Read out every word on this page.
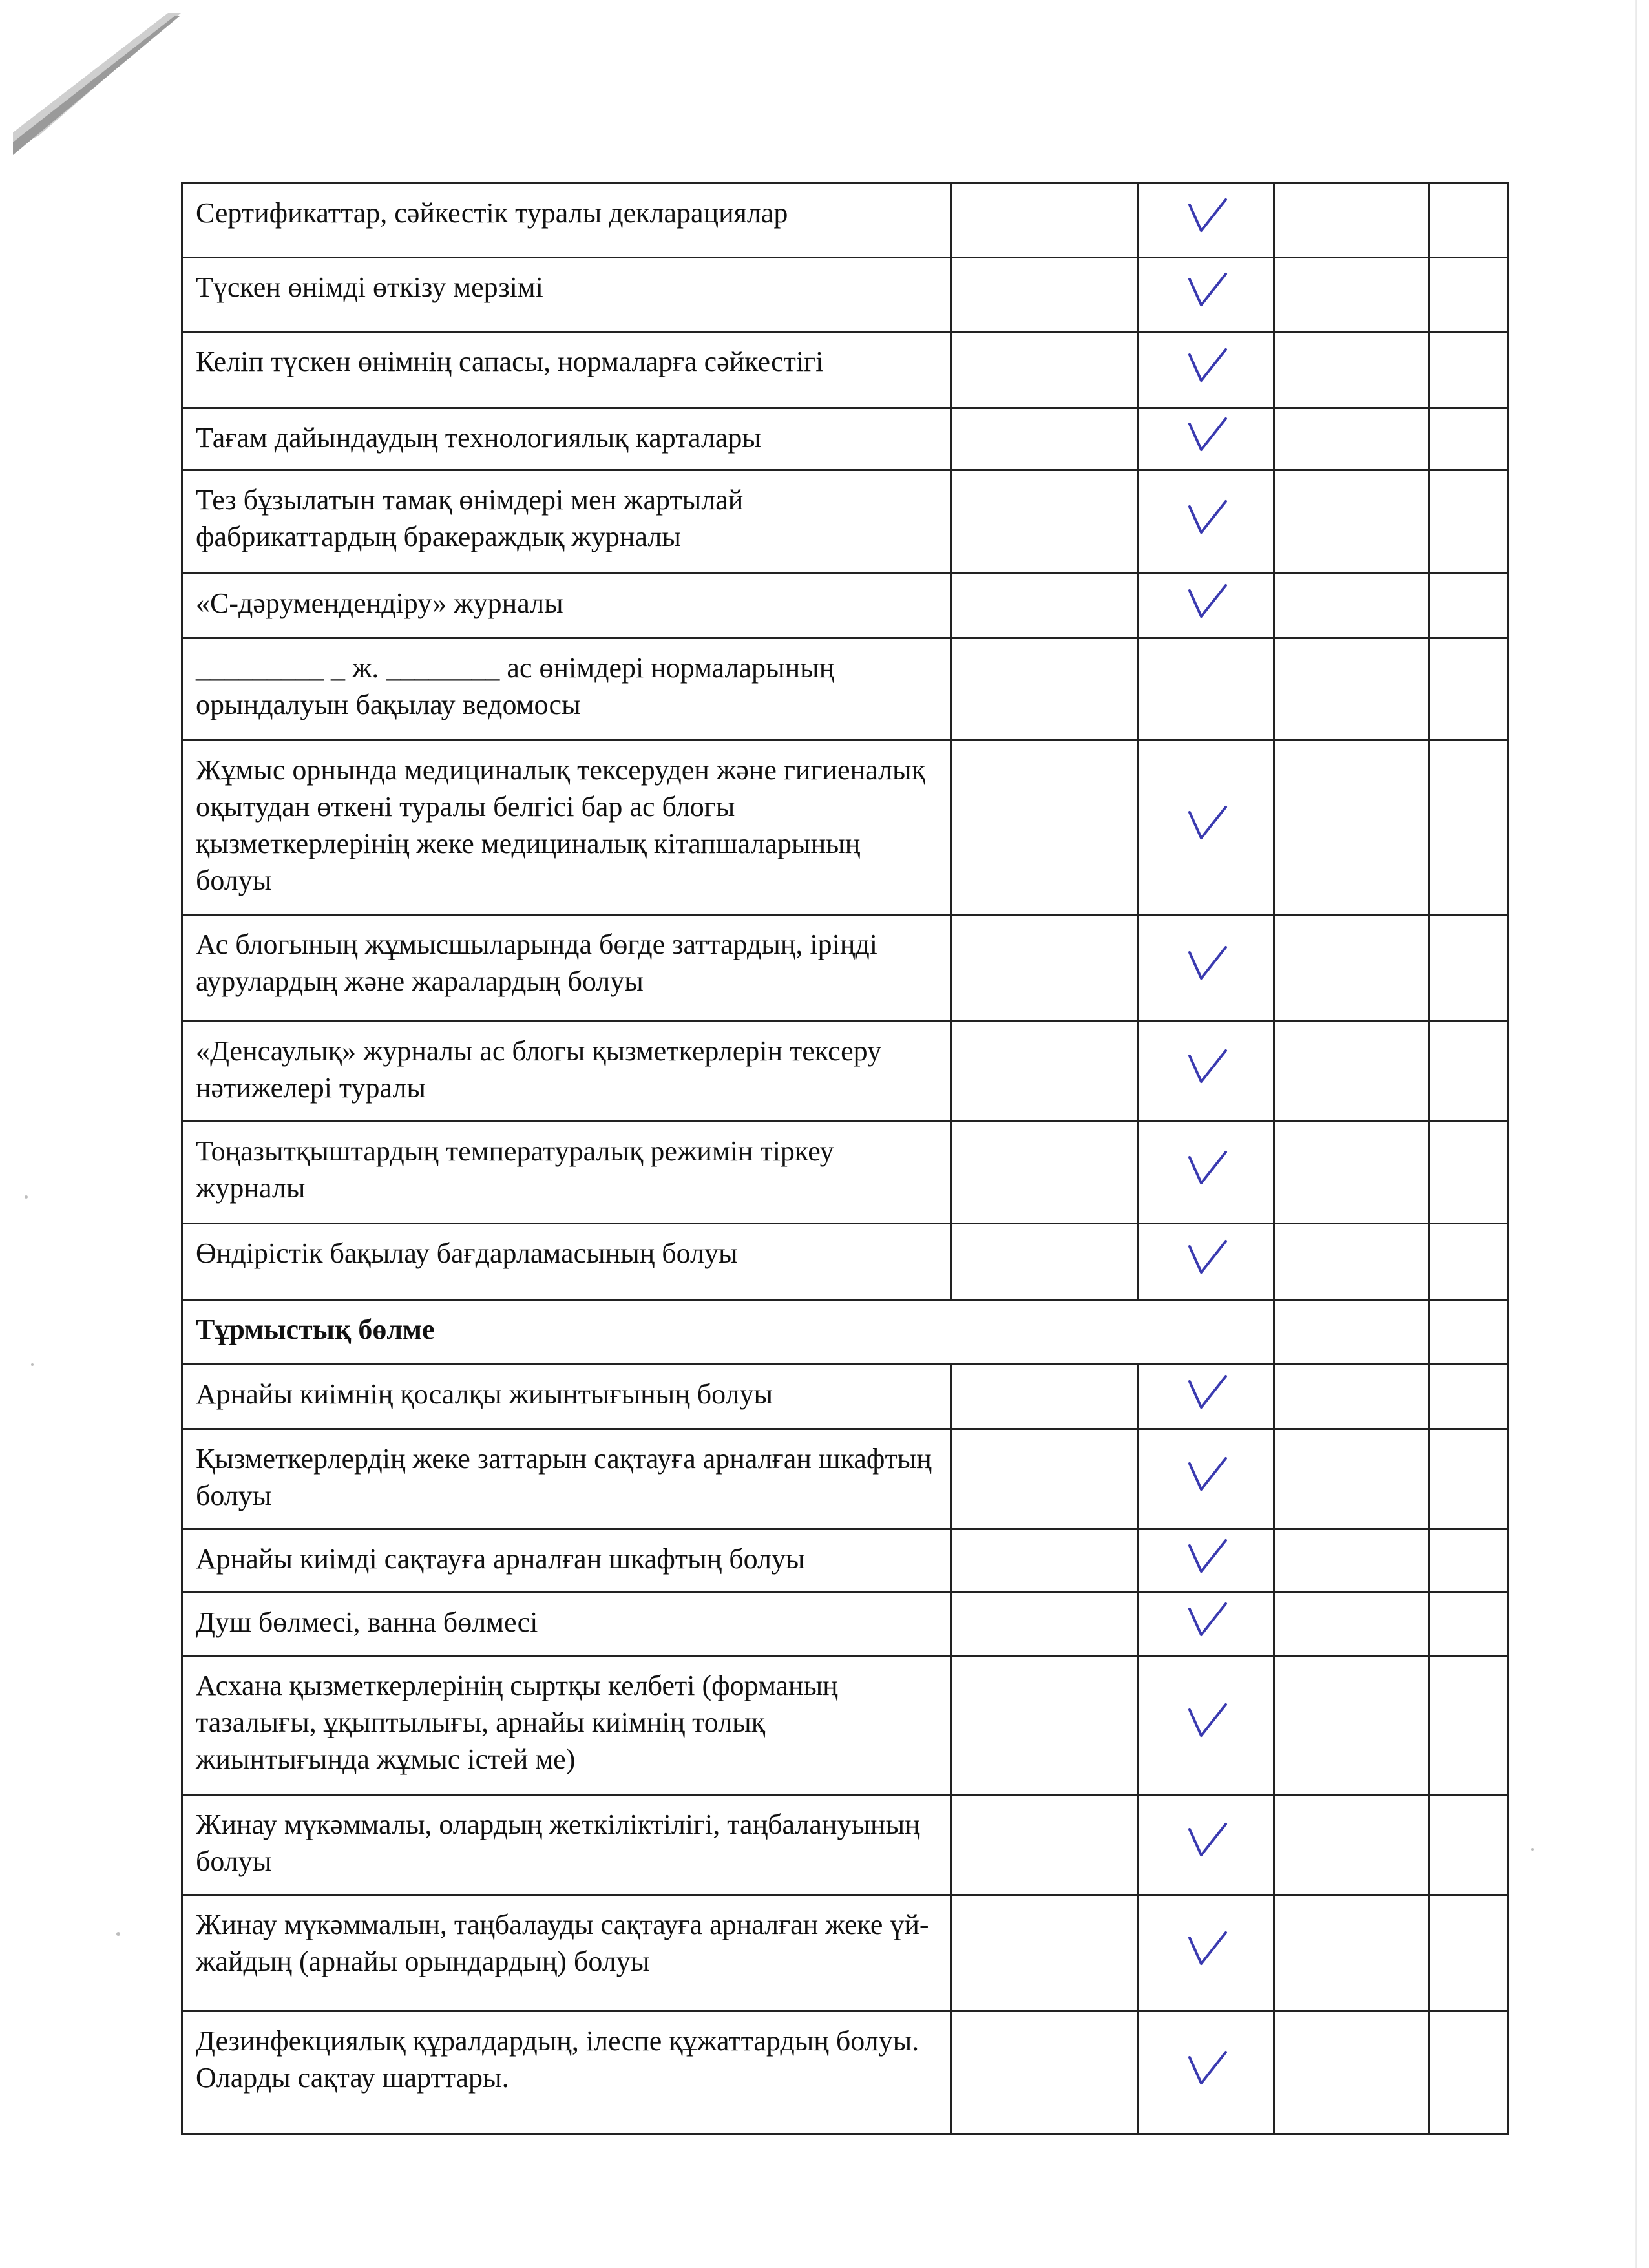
Сертификаттар, сәйкестік туралы декларациялар		

Түскен өнімді өткізу мерзімі		

Келіп түскен өнімнің сапасы, нормаларға сәйкестігі		

Тағам дайындаудың технологиялық карталары		

Тез бұзылатын тамақ өнімдері мен жартылай фабрикаттардың бракераждық журналы		

«С-дәрумендендіру» журналы		

_________ _ ж. ________ ас өнімдері нормаларының орындалуын бақылау ведомосы				
Жұмыс орнында медициналық тексеруден және гигиеналық оқытудан өткені туралы белгісі бар ас блогы қызметкерлерінің жеке медициналық кітапшаларының болуы		

Ас блогының жұмысшыларында бөгде заттардың, іріңді аурулардың және жаралардың болуы		

«Денсаулық» журналы ас блогы қызметкерлерін тексеру нәтижелері туралы		

Тоңазытқыштардың температуралық режимін тіркеу журналы		

Өндірістік бақылау бағдарламасының болуы		

Тұрмыстық бөлме				
Арнайы киімнің қосалқы жиынтығының болуы		

Қызметкерлердің жеке заттарын сақтауға арналған шкафтың болуы		

Арнайы киімді сақтауға арналған шкафтың болуы		

Душ бөлмесі, ванна бөлмесі		

Асхана қызметкерлерінің сыртқы келбеті (форманың тазалығы, ұқыптылығы, арнайы киімнің толық жиынтығында жұмыс істей ме)		

Жинау мүкәммалы, олардың жеткіліктілігі, таңбалануының болуы		

Жинау мүкәммалын, таңбалауды сақтауға арналған жеке үй-жайдың (арнайы орындардың) болуы		

Дезинфекциялық құралдардың, ілеспе құжаттардың болуы. Оларды сақтау шарттары.		
